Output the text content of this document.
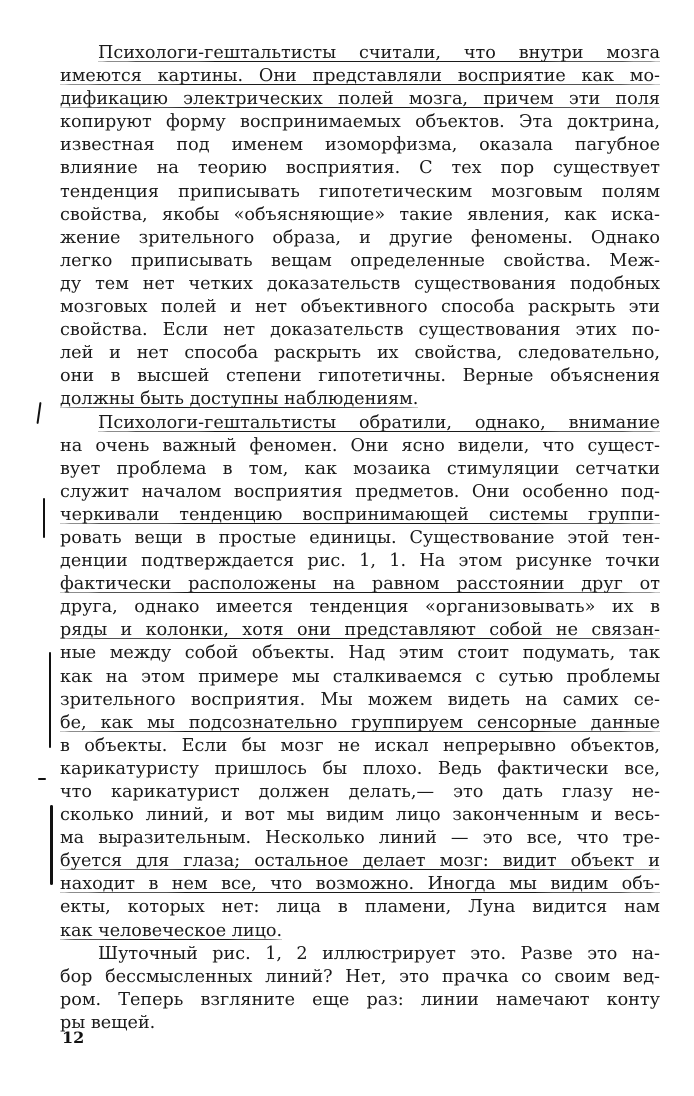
Психологи-гештальтисты считали, что внутри мозга
имеются картины. Они представляли восприятие как мо-
дификацию электрических полей мозга, причем эти поля
копируют форму воспринимаемых объектов. Эта доктрина,
известная под именем изоморфизма, оказала пагубное
влияние на теорию восприятия. С тех пор существует
тенденция приписывать гипотетическим мозговым полям
свойства, якобы «объясняющие» такие явления, как иска-
жение зрительного образа, и другие феномены. Однако
легко приписывать вещам определенные свойства. Меж-
ду тем нет четких доказательств существования подобных
мозговых полей и нет объективного способа раскрыть эти
свойства. Если нет доказательств существования этих по-
лей и нет способа раскрыть их свойства, следовательно,
они в высшей степени гипотетичны. Верные объяснения
должны быть доступны наблюдениям.
Психологи-гештальтисты обратили, однако, внимание
на очень важный феномен. Они ясно видели, что сущест-
вует проблема в том, как мозаика стимуляции сетчатки
служит началом восприятия предметов. Они особенно под-
черкивали тенденцию воспринимающей системы группи-
ровать вещи в простые единицы. Существование этой тен-
денции подтверждается рис. 1, 1. На этом рисунке точки
фактически расположены на равном расстоянии друг от
друга, однако имеется тенденция «организовывать» их в
ряды и колонки, хотя они представляют собой не связан-
ные между собой объекты. Над этим стоит подумать, так
как на этом примере мы сталкиваемся с сутью проблемы
зрительного восприятия. Мы можем видеть на самих се-
бе, как мы подсознательно группируем сенсорные данные
в объекты. Если бы мозг не искал непрерывно объектов,
карикатуристу пришлось бы плохо. Ведь фактически все,
что карикатурист должен делать,— это дать глазу не-
сколько линий, и вот мы видим лицо законченным и весь-
ма выразительным. Несколько линий — это все, что тре-
буется для глаза; остальное делает мозг: видит объект и
находит в нем все, что возможно. Иногда мы видим объ-
екты, которых нет: лица в пламени, Луна видится нам
как человеческое лицо.
Шуточный рис. 1, 2 иллюстрирует это. Разве это на-
бор бессмысленных линий? Нет, это прачка со своим вед-
ром. Теперь взгляните еще раз: линии намечают конту
ры вещей.
12
